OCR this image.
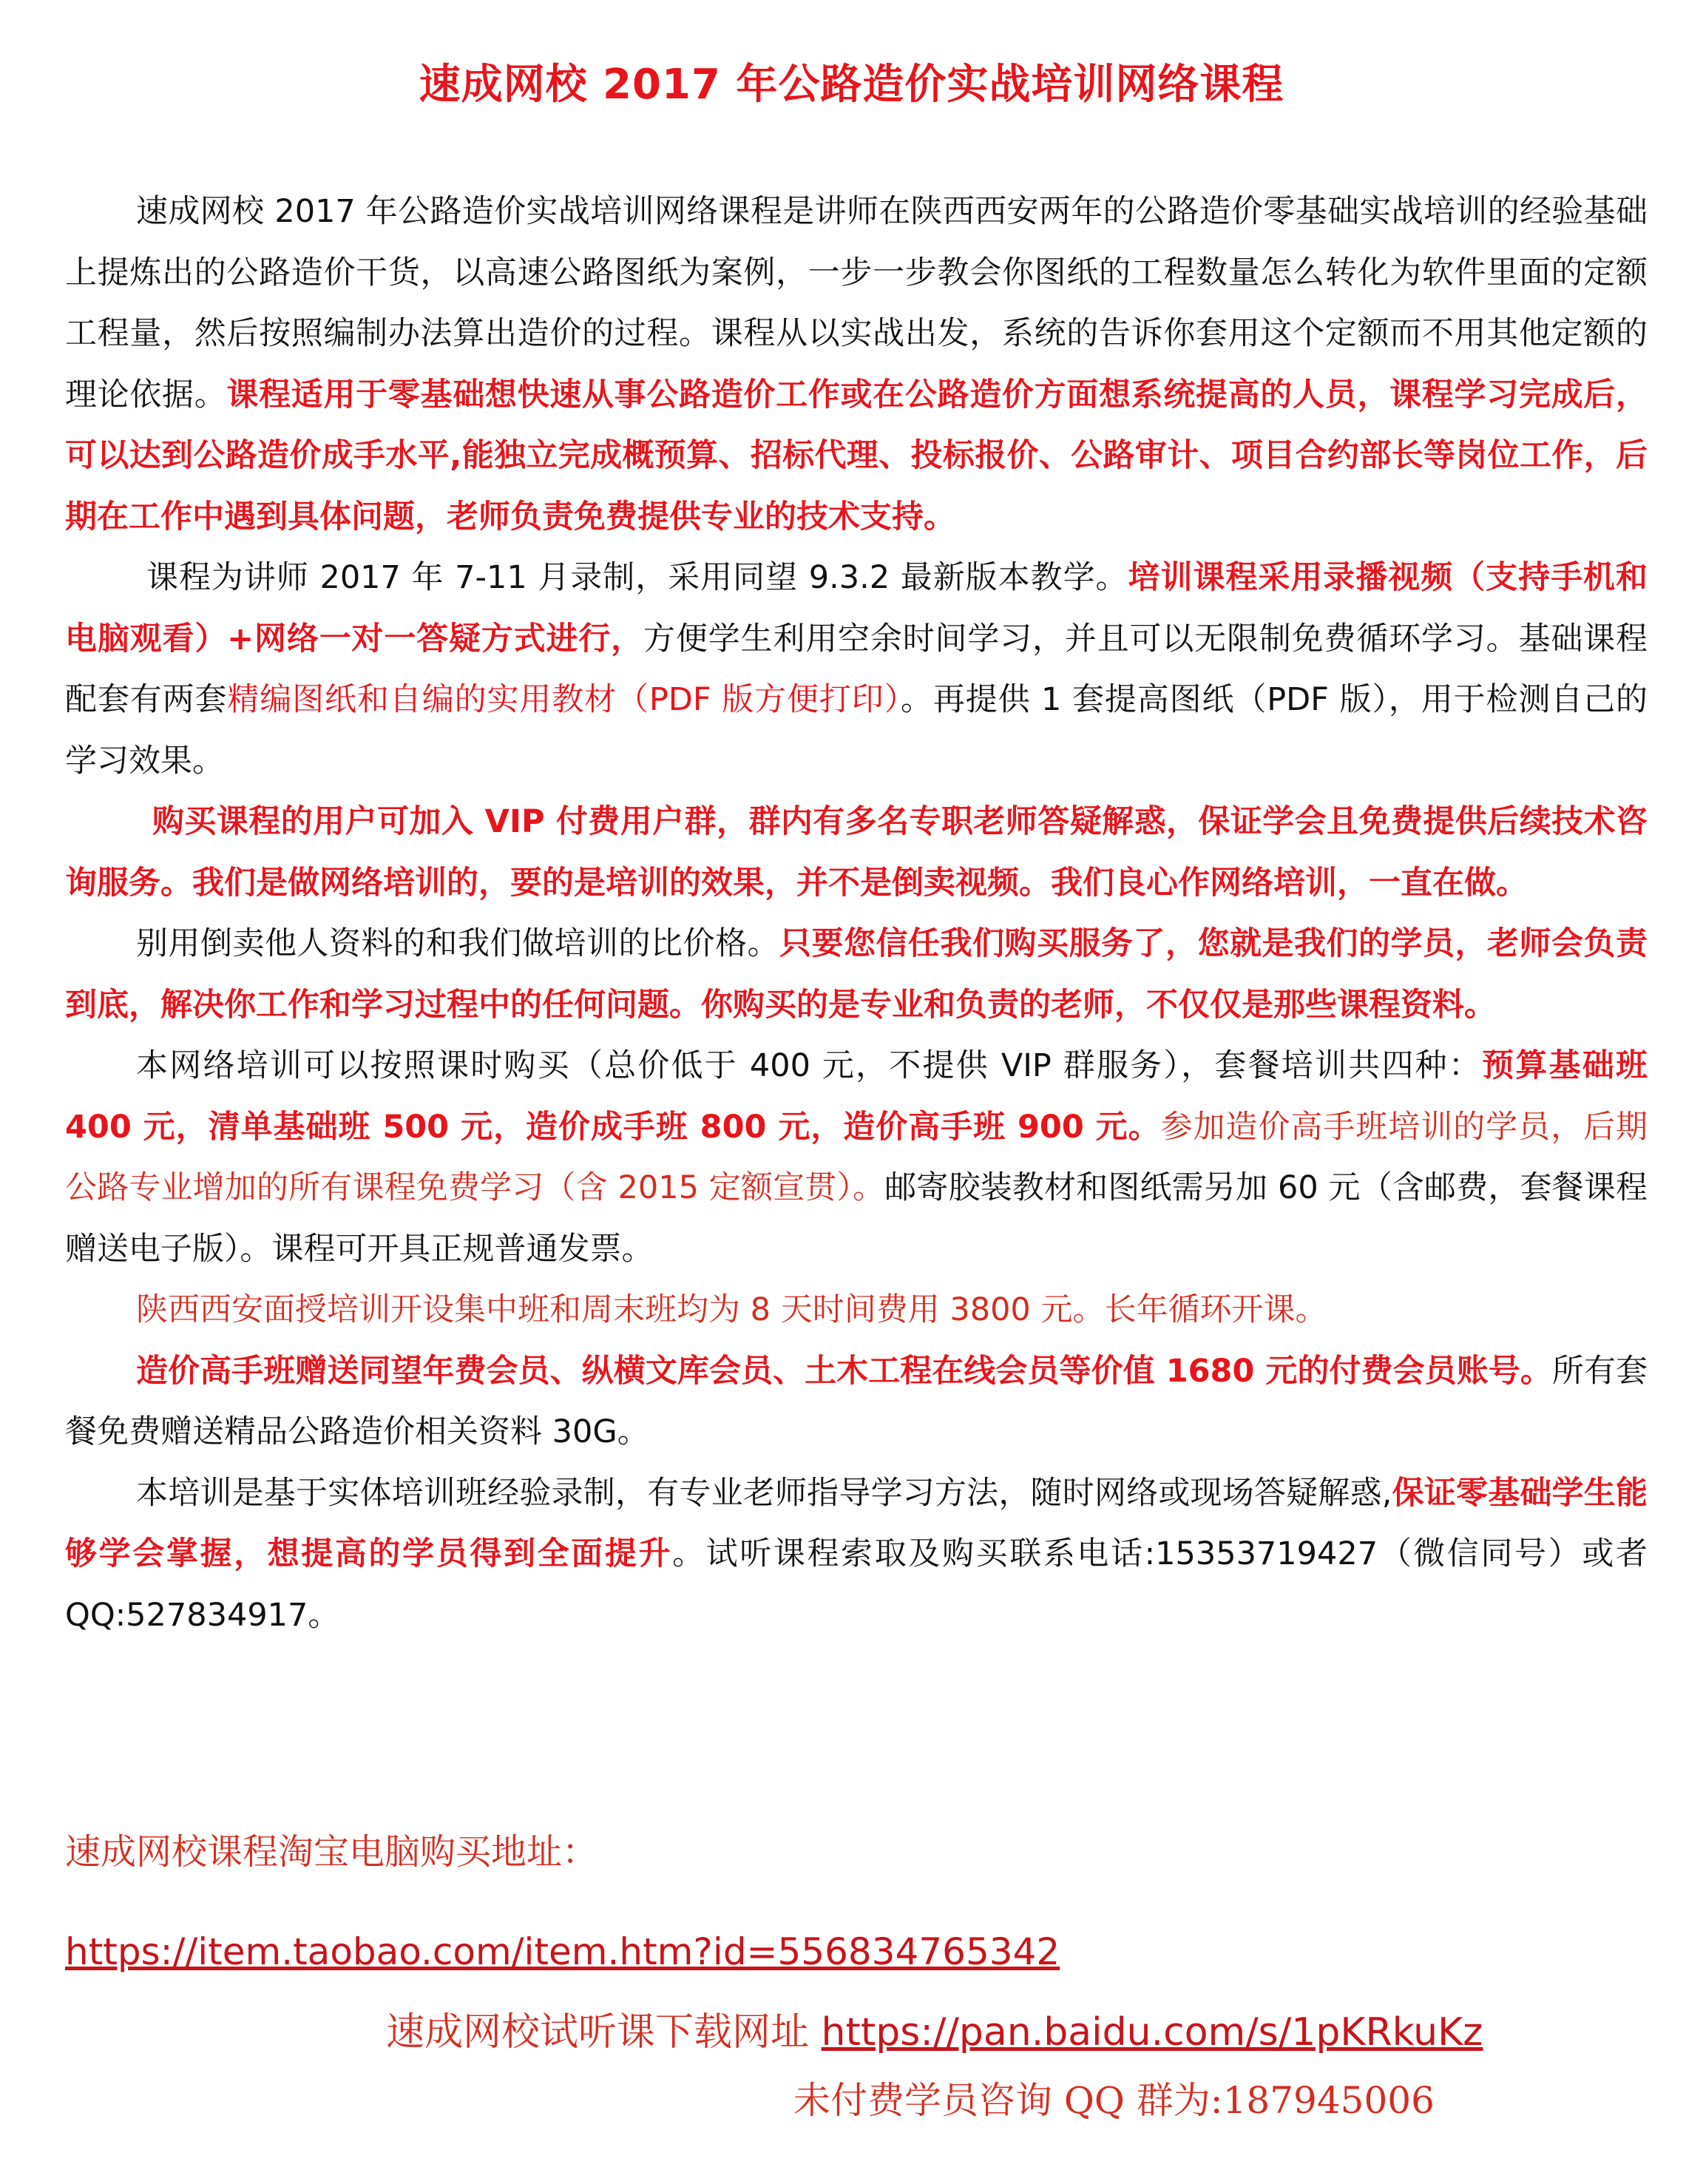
速成网校 2017 年公路造价实战培训网络课程

速成网校 2017 年公路造价实战培训网络课程是讲师在陕西西安两年的公路造价零基础实战培训的经验基础上提炼出的公路造价干货，以高速公路图纸为案例，一步一步教会你图纸的工程数量怎么转化为软件里面的定额工程量，然后按照编制办法算出造价的过程。课程从以实战出发，系统的告诉你套用这个定额而不用其他定额的理论依据。课程适用于零基础想快速从事公路造价工作或在公路造价方面想系统提高的人员，课程学习完成后，可以达到公路造价成手水平,能独立完成概预算、招标代理、投标报价、公路审计、项目合约部长等岗位工作，后期在工作中遇到具体问题，老师负责免费提供专业的技术支持。

课程为讲师 2017 年 7-11 月录制，采用同望 9.3.2 最新版本教学。培训课程采用录播视频（支持手机和电脑观看）+网络一对一答疑方式进行，方便学生利用空余时间学习，并且可以无限制免费循环学习。基础课程配套有两套精编图纸和自编的实用教材（PDF 版方便打印）。再提供 1 套提高图纸（PDF 版），用于检测自己的学习效果。

购买课程的用户可加入 VIP 付费用户群，群内有多名专职老师答疑解惑，保证学会且免费提供后续技术咨询服务。我们是做网络培训的，要的是培训的效果，并不是倒卖视频。我们良心作网络培训，一直在做。

别用倒卖他人资料的和我们做培训的比价格。只要您信任我们购买服务了，您就是我们的学员，老师会负责到底，解决你工作和学习过程中的任何问题。你购买的是专业和负责的老师，不仅仅是那些课程资料。

本网络培训可以按照课时购买（总价低于 400 元，不提供 VIP 群服务），套餐培训共四种：预算基础班 400 元，清单基础班 500 元，造价成手班 800 元，造价高手班 900 元。参加造价高手班培训的学员，后期公路专业增加的所有课程免费学习（含 2015 定额宣贯）。邮寄胶装教材和图纸需另加 60 元（含邮费，套餐课程赠送电子版）。课程可开具正规普通发票。

陕西西安面授培训开设集中班和周末班均为 8 天时间费用 3800 元。长年循环开课。

造价高手班赠送同望年费会员、纵横文库会员、土木工程在线会员等价值 1680 元的付费会员账号。所有套餐免费赠送精品公路造价相关资料 30G。

本培训是基于实体培训班经验录制，有专业老师指导学习方法，随时网络或现场答疑解惑,保证零基础学生能够学会掌握，想提高的学员得到全面提升。试听课程索取及购买联系电话:15353719427（微信同号）或者 QQ:527834917。

速成网校课程淘宝电脑购买地址：
https://item.taobao.com/item.htm?id=556834765342
速成网校试听课下载网址 https://pan.baidu.com/s/1pKRkuKz
未付费学员咨询 QQ 群为:187945006
